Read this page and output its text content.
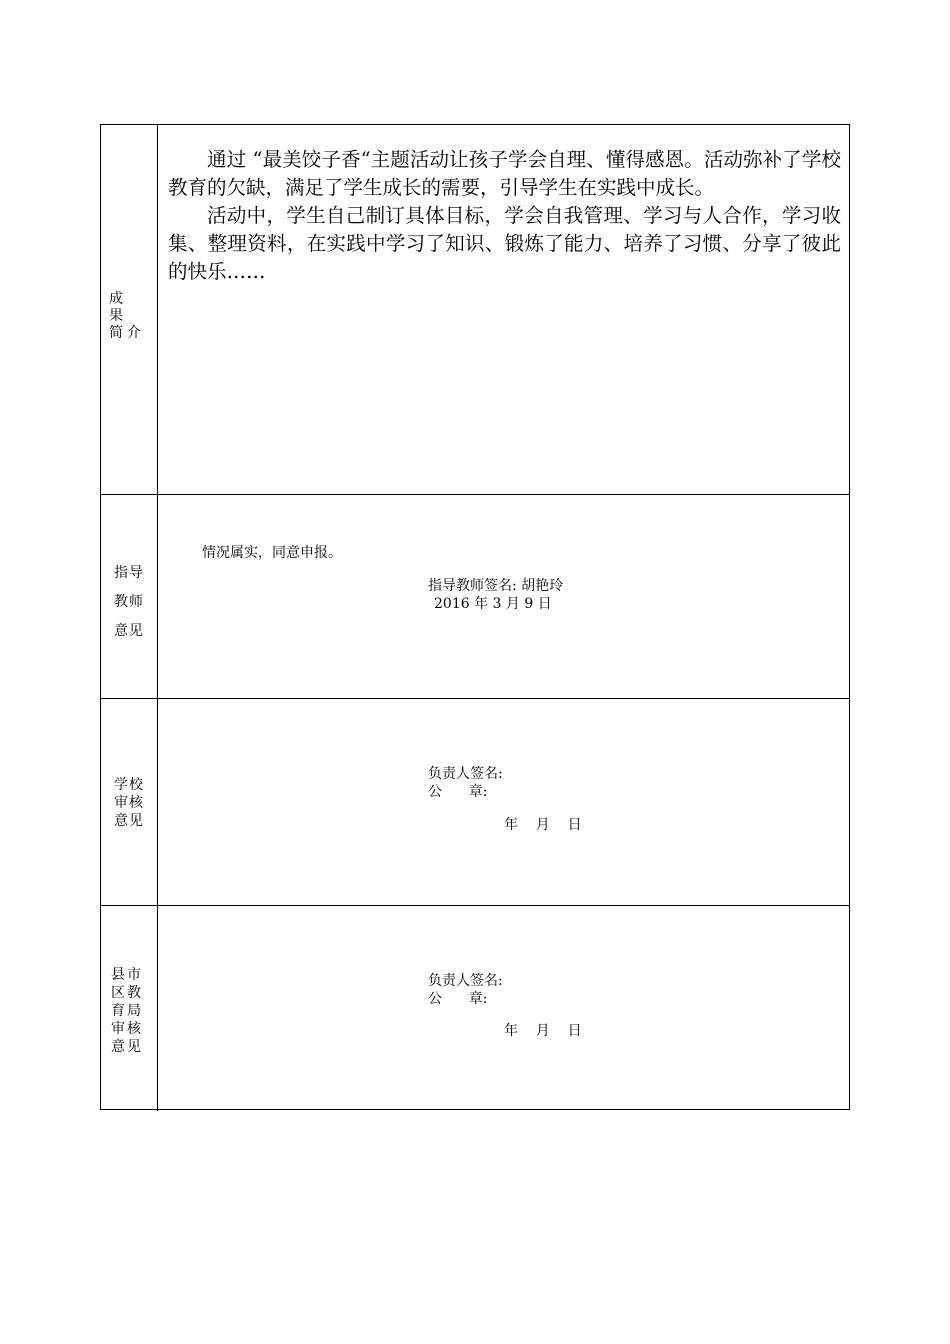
成 果
简介

通过 “最美饺子香“主题活动让孩子学会自理、懂得感恩。活动弥补了学校教育的欠缺，满足了学生成长的需要，引导学生在实践中成长。

活动中，学生自己制订具体目标，学会自我管理、学习与人合作，学习收集、整理资料，在实践中学习了知识、锻炼了能力、培养了习惯、分享了彼此的快乐……

指导
教师
意见
情况属实，同意申报。
指导教师签名: 胡艳玲
2016 年 3 月 9 日
学校
审核
意见
负责人签名:
公      章:
年    月    日
县市
区教
育局
审核
意见
负责人签名:
公      章:
年    月    日
